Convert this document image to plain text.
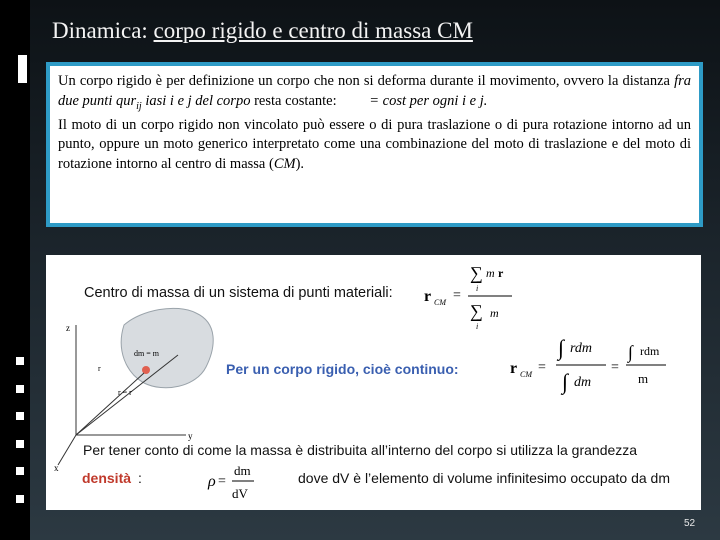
Dinamica: corpo rigido e centro di massa CM

Un corpo rigido è per definizione un corpo che non si deforma durante il movimento, ovvero la distanza fra due punti qur$_{ij}$ iasi i e j del corpo resta costante:         = cost per ogni i e j.

Il moto di un corpo rigido non vincolato può essere o di pura traslazione o di pura rotazione intorno ad un punto, oppure un moto generico interpretato come una combinazione del moto di traslazione e del moto di rotazione intorno al centro di massa (CM).

Centro di massa di un sistema di punti materiali:
Per un corpo rigido, cioè continuo:
Per tener conto di come la massa è distribuita all’interno del corpo si utilizza la grandezza
densità :	dove dV è l’elemento di volume infinitesimo occupato da dm
z
y
x
dm = m
r
r = r
r CM =
∑
i
m r
∑
i
m
r CM =
∫ rdm
∫ dm
=
∫ rdm
m
ρ =
dm
dV
52
